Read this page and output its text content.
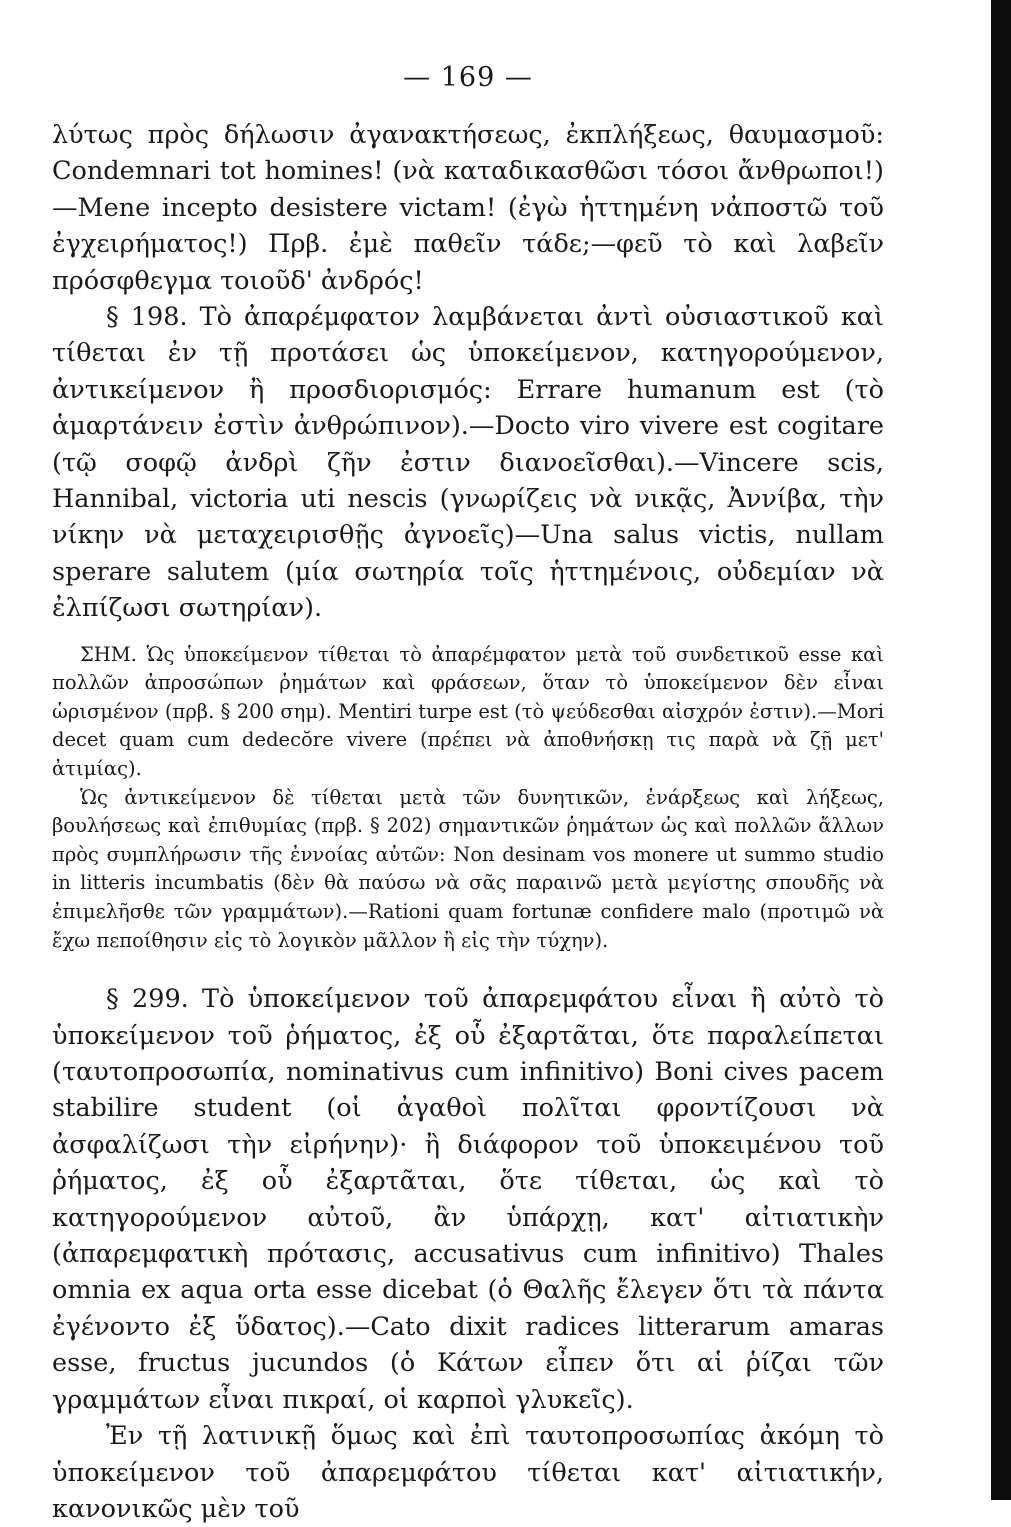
— 169 —

λύτως πρὸς δήλωσιν ἀγανακτήσεως, ἐκπλήξεως, θαυμασμοῦ: Condemnari tot homines! (νὰ καταδικασθῶσι τόσοι ἄνθρωποι!)—Mene incepto desistere victam! (ἐγὼ ἡττημένη νἀποστῶ τοῦ ἐγχειρήματος!) Πρβ. ἐμὲ παθεῖν τάδε;—φεῦ τὸ καὶ λαβεῖν πρόσφθεγμα τοιοῦδ' ἀνδρός!

§ 198. Τὸ ἀπαρέμφατον λαμβάνεται ἀντὶ οὐσιαστικοῦ καὶ τίθεται ἐν τῇ προτάσει ὡς ὑποκείμενον, κατηγορούμενον, ἀντικείμενον ἢ προσδιορισμός: Errare humanum est (τὸ ἁμαρτάνειν ἐστὶν ἀνθρώπινον).—Docto viro vivere est cogitare (τῷ σοφῷ ἀνδρὶ ζῆν ἐστιν διανοεῖσθαι).—Vincere scis, Hannibal, victoria uti nescis (γνωρίζεις νὰ νικᾷς, Ἀννίβα, τὴν νίκην νὰ μεταχειρισθῇς ἀγνοεῖς)—Una salus victis, nullam sperare salutem (μία σωτηρία τοῖς ἡττημένοις, οὐδεμίαν νὰ ἐλπίζωσι σωτηρίαν).

ΣΗΜ. Ὡς ὑποκείμενον τίθεται τὸ ἀπαρέμφατον μετὰ τοῦ συνδετικοῦ esse καὶ πολλῶν ἀπροσώπων ῥημάτων καὶ φράσεων, ὅταν τὸ ὑποκείμενον δὲν εἶναι ὡρισμένον (πρβ. § 200 σημ). Mentiri turpe est (τὸ ψεύδεσθαι αἰσχρόν ἐστιν).—Mori decet quam cum dedecŏre vivere (πρέπει νὰ ἀποθνήσκῃ τις παρὰ νὰ ζῇ μετ' ἀτιμίας).

Ὡς ἀντικείμενον δὲ τίθεται μετὰ τῶν δυνητικῶν, ἐνάρξεως καὶ λήξεως, βουλήσεως καὶ ἐπιθυμίας (πρβ. § 202) σημαντικῶν ῥημάτων ὡς καὶ πολλῶν ἄλλων πρὸς συμπλήρωσιν τῆς ἐννοίας αὐτῶν: Non desinam vos monere ut summo studio in litteris incumbatis (δὲν θὰ παύσω νὰ σᾶς παραινῶ μετὰ μεγίστης σπουδῆς νὰ ἐπιμελῆσθε τῶν γραμμάτων).—Rationi quam fortunæ confidere malo (προτιμῶ νὰ ἔχω πεποίθησιν εἰς τὸ λογικὸν μᾶλλον ἢ εἰς τὴν τύχην).

§ 299. Τὸ ὑποκείμενον τοῦ ἀπαρεμφάτου εἶναι ἢ αὐτὸ τὸ ὑποκείμενον τοῦ ῥήματος, ἐξ οὗ ἐξαρτᾶται, ὅτε παραλείπεται (ταυτοπροσωπία, nominativus cum infinitivo) Boni cives pacem stabilire student (οἱ ἀγαθοὶ πολῖται φροντίζουσι νὰ ἀσφαλίζωσι τὴν εἰρήνην)· ἢ διάφορον τοῦ ὑποκειμένου τοῦ ῥήματος, ἐξ οὗ ἐξαρτᾶται, ὅτε τίθεται, ὡς καὶ τὸ κατηγορούμενον αὐτοῦ, ἂν ὑπάρχῃ, κατ' αἰτιατικὴν (ἀπαρεμφατικὴ πρότασις, accusativus cum infinitivo) Thales omnia ex aqua orta esse dicebat (ὁ Θαλῆς ἔλεγεν ὅτι τὰ πάντα ἐγένοντο ἐξ ὕδατος).—Cato dixit radices litterarum amaras esse, fructus jucundos (ὁ Κάτων εἶπεν ὅτι αἱ ῥίζαι τῶν γραμμάτων εἶναι πικραί, οἱ καρποὶ γλυκεῖς).

Ἐν τῇ λατινικῇ ὅμως καὶ ἐπὶ ταυτοπροσωπίας ἀκόμη τὸ ὑποκείμενον τοῦ ἀπαρεμφάτου τίθεται κατ' αἰτιατικήν, κανονικῶς μὲν τοῦ
